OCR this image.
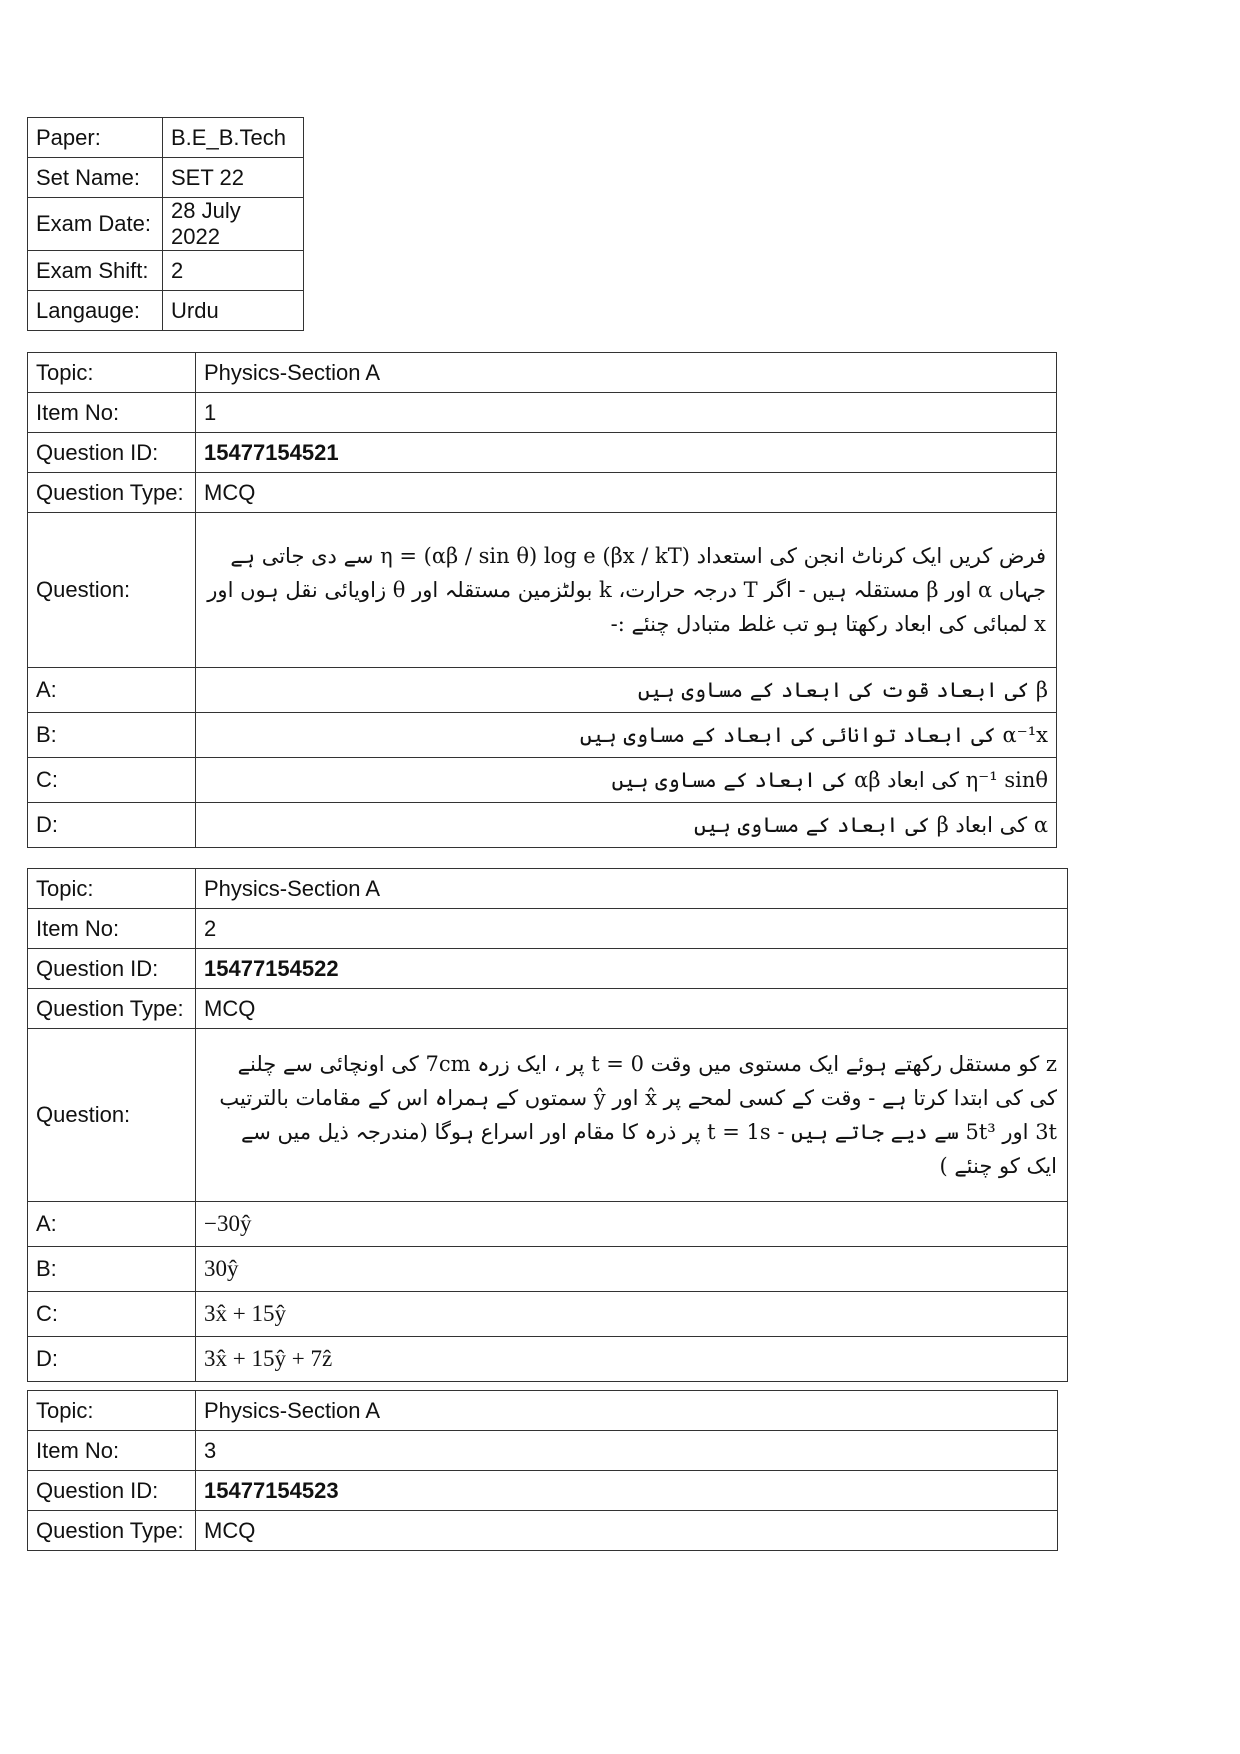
Paper:	B.E_B.Tech
Set Name:	SET 22
Exam Date:	28 July 2022
Exam Shift:	2
Langauge:	Urdu
Topic:	Physics-Section A
Item No:	1
Question ID:	15477154521
Question Type:	MCQ
Question:	فرض کریں ایک کرناٹ انجن کی استعداد η = (αβ / sin θ) log e (βx / kT) سے دی جاتی ہے جہاں α اور β مستقلہ ہیں - اگر T درجہ حرارت، k بولٹزمین مستقلہ اور θ زاویائی نقل ہوں اور x لمبائی کی ابعاد رکھتا ہو تب غلط متبادل چنئے :-
A:	β کی ابعاد قوت کی ابعاد کے مساوی ہیں
B:	α⁻¹x کی ابعاد توانائی کی ابعاد کے مساوی ہیں
C:	η⁻¹ sinθ کی ابعاد αβ کی ابعاد کے مساوی ہیں
D:	α کی ابعاد β کی ابعاد کے مساوی ہیں
Topic:	Physics-Section A
Item No:	2
Question ID:	15477154522
Question Type:	MCQ
Question:	z کو مستقل رکھتے ہوئے ایک مستوی میں وقت t = 0 پر ، ایک زرہ 7cm کی اونچائی سے چلنے کی کی ابتدا کرتا ہے - وقت کے کسی لمحے پر x̂ اور ŷ سمتوں کے ہمراہ اس کے مقامات بالترتیب 3t اور 5t³ سے دیے جاتے ہیں - t = 1s پر ذرہ کا مقام اور اسراع ہوگا (مندرجہ ذیل میں سے ایک کو چنئے )
A:	−30ŷ
B:	30ŷ
C:	3x̂ + 15ŷ
D:	3x̂ + 15ŷ + 7ẑ
Topic:	Physics-Section A
Item No:	3
Question ID:	15477154523
Question Type:	MCQ
